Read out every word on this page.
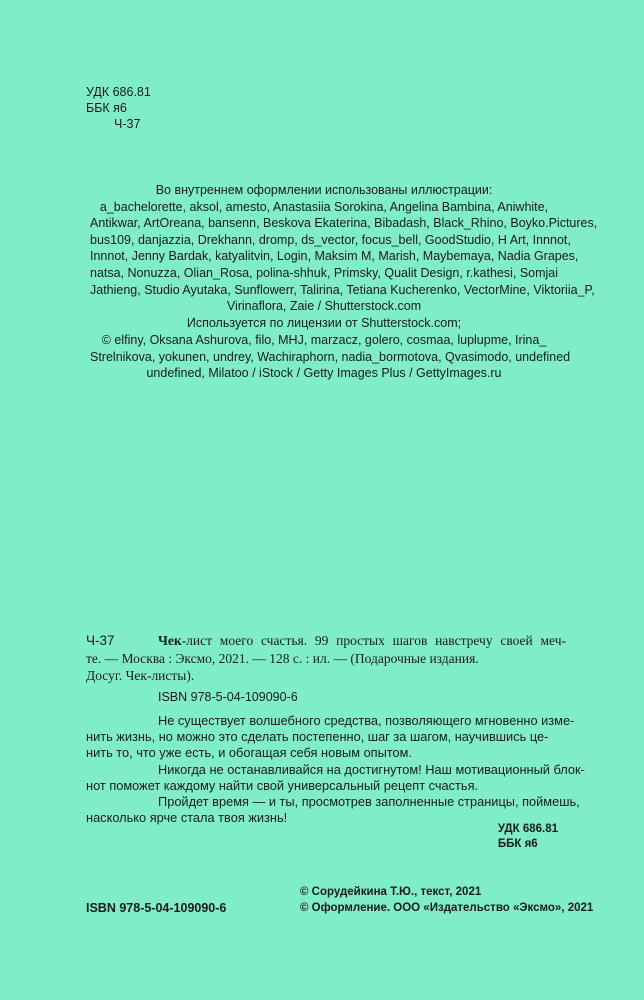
УДК 686.81
ББК я6
Ч-37
Во внутреннем оформлении использованы иллюстрации:
a_bachelorette, aksol, amesto, Anastasiia Sorokina, Angelina Bambina, Aniwhite,
Antikwar, ArtOreana, bansenn, Beskova Ekaterina, Bibadash, Black_Rhino, Boyko.Pictures,
bus109, danjazzia, Drekhann, dromp, ds_vector, focus_bell, GoodStudio, H Art, Innnot,
Innnot, Jenny Bardak, katyalitvin, Login, Maksim M, Marish, Maybemaya, Nadia Grapes,
natsa, Nonuzza, Olian_Rosa, polina-shhuk, Primsky, Qualit Design, r.kathesi, Somjai
Jathieng, Studio Ayutaka, Sunflowerr, Talirina, Tetiana Kucherenko, VectorMine, Viktoriia_P,
Virinaflora, Zaie / Shutterstock.com
Используется по лицензии от Shutterstock.com;
© elfiny, Oksana Ashurova, filo, MHJ, marzacz, golero, cosmaa, luplupme, Irina_
Strelnikova, yokunen, undrey, Wachiraphorn, nadia_bormotova, Qvasimodo, undefined
undefined, Milatoo / iStock / Getty Images Plus / GettyImages.ru
Ч-37	Чек-лист моего счастья. 99 простых шагов навстречу своей меч-
те. — Москва : Эксмо, 2021. — 128 с. : ил. — (Подарочные издания.
Досуг. Чек-листы).
ISBN 978-5-04-109090-6
Не существует волшебного средства, позволяющего мгновенно изме-
нить жизнь, но можно это сделать постепенно, шаг за шагом, научившись це-
нить то, что уже есть, и обогащая себя новым опытом.
Никогда не останавливайся на достигнутом! Наш мотивационный блок-
нот поможет каждому найти свой универсальный рецепт счастья.
Пройдет время — и ты, просмотрев заполненные страницы, поймешь,
насколько ярче стала твоя жизнь!
УДК 686.81
ББК я6
ISBN 978-5-04-109090-6
© Сорудейкина Т.Ю., текст, 2021
© Оформление. ООО «Издательство «Эксмо», 2021
